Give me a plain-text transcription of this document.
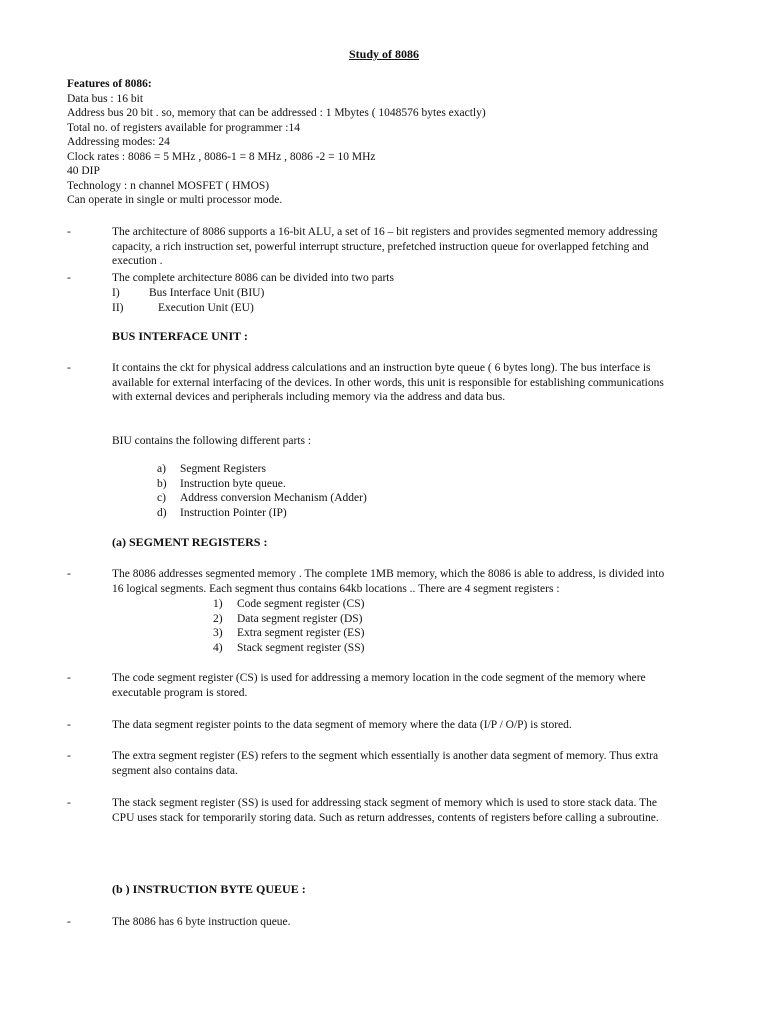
Study of 8086
Features of 8086:
Data bus : 16 bit
Address bus 20 bit . so, memory that can be addressed : 1 Mbytes ( 1048576 bytes exactly)
Total no. of registers available for programmer :14
Addressing modes: 24
Clock rates : 8086 = 5 MHz , 8086-1 = 8 MHz , 8086 -2 = 10 MHz
40 DIP
Technology : n channel MOSFET ( HMOS)
Can operate in single or multi processor mode.
-	The architecture of 8086 supports a 16-bit ALU, a set of 16 – bit registers and provides segmented memory addressing capacity, a rich instruction set, powerful interrupt structure, prefetched instruction queue for overlapped fetching and execution .
-	The complete architecture 8086 can be divided into two parts
I)	Bus Interface Unit (BIU)
II)	Execution Unit (EU)
BUS INTERFACE UNIT :
-	It contains the ckt for physical address calculations and an instruction byte queue ( 6 bytes long). The bus interface is available for external interfacing of the devices. In other words, this unit is responsible for establishing communications with external devices and peripherals including memory via the address and data bus.
BIU contains the following different parts :
a)	Segment Registers
b)	Instruction byte queue.
c)	Address conversion Mechanism (Adder)
d)	Instruction Pointer (IP)
(a) SEGMENT REGISTERS :
-	The 8086 addresses segmented memory . The complete 1MB memory, which the 8086 is able to address, is divided into 16 logical segments. Each segment thus contains 64kb locations .. There are 4 segment registers :
1)	Code segment register (CS)
2)	Data segment register (DS)
3)	Extra segment register (ES)
4)	Stack segment register (SS)
-	The code segment register (CS) is used for addressing a memory location in the code segment of the memory where executable program is stored.
-	The data segment register points to the data segment of memory where the data (I/P / O/P) is stored.
-	The extra segment register (ES) refers to the segment which essentially is another data segment of memory. Thus extra segment also contains data.
-	The stack segment register (SS) is used for addressing stack segment of memory which is used to store stack data. The CPU uses stack for temporarily storing data. Such as return addresses, contents of registers before calling a subroutine.
(b ) INSTRUCTION BYTE QUEUE :
-	The 8086 has 6 byte instruction queue.
